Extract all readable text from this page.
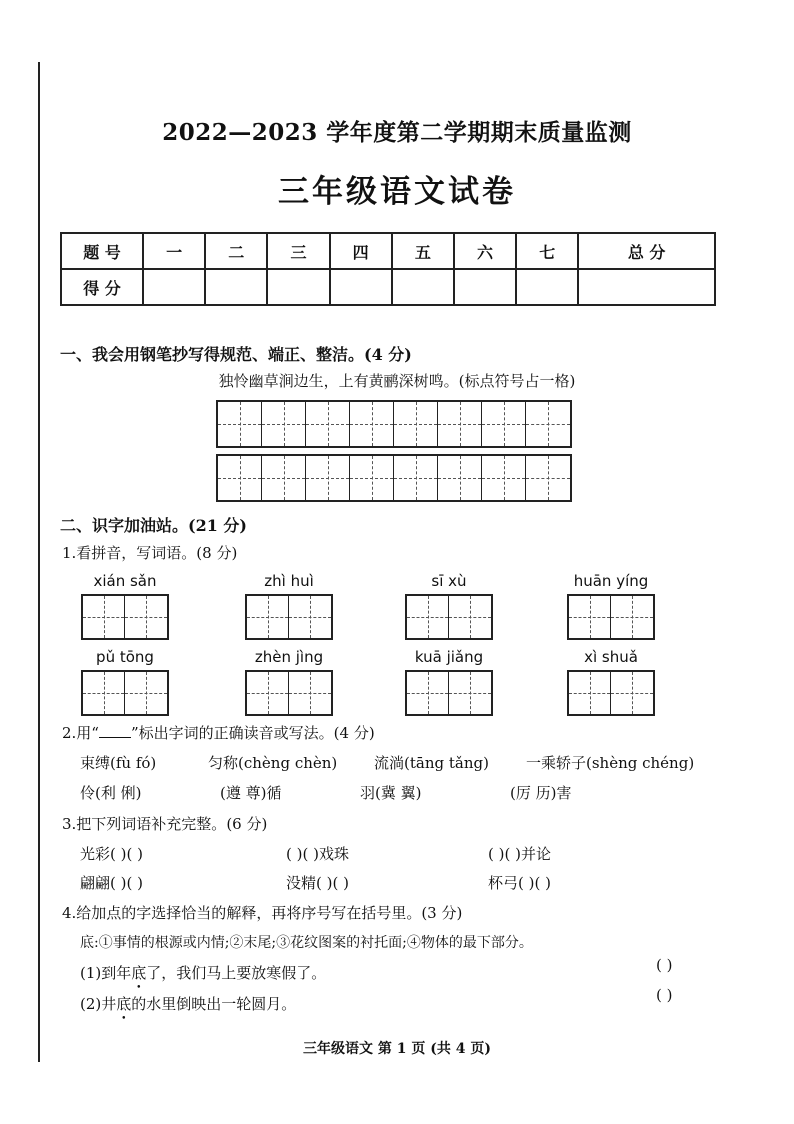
2022—2023 学年度第二学期期末质量监测
三年级语文试卷
题 号	一	二	三	四	五	六	七	总 分
得 分								
一、我会用钢笔抄写得规范、端正、整洁。(4 分)
独怜幽草涧边生，上有黄鹂深树鸣。(标点符号占一格)
二、识字加油站。(21 分)
1.看拼音，写词语。(8 分)
xián sǎn	zhì huì	sī xù	huān yíng
pǔ tōng	zhèn jìng	kuā jiǎng	xì shuǎ
2.用“ ”标出字词的正确读音或写法。(4 分)
束缚(fù fó)	匀称(chèng chèn) 流淌(tāng tǎng) 一乘轿子(shèng chéng)
伶(利 俐)	(遵 尊)循	羽(冀 翼)	(厉 历)害
3.把下列词语补充完整。(6 分)
光彩( )( )	( )( )戏珠	( )( )并论
翩翩( )( )	没精( )( )	杯弓( )( )
4.给加点的字选择恰当的解释，再将序号写在括号里。(3 分)
底:①事情的根源或内情;②末尾;③花纹图案的衬托面;④物体的最下部分。
(1)到年底了，我们马上要放寒假了。	( )
(2)井底的水里倒映出一轮圆月。	( )
三年级语文 第 1 页 (共 4 页)
